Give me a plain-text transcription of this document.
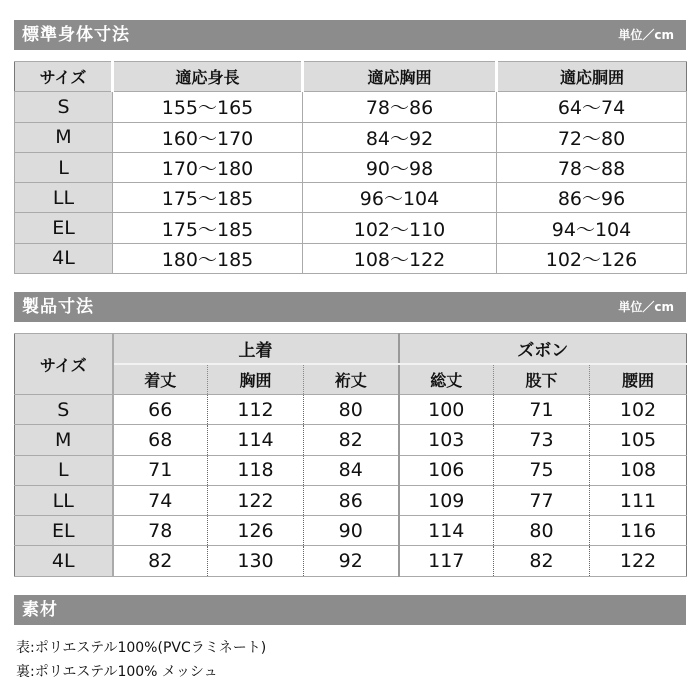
標準身体寸法	単位／cm
サイズ	適応身長	適応胸囲	適応胴囲
S	155～165	78～86	64～74
M	160～170	84～92	72～80
L	170～180	90～98	78～88
LL	175～185	96～104	86～96
EL	175～185	102～110	94～104
4L	180～185	108～122	102～126
製品寸法	単位／cm
サイズ	上着			ズボン		
	着丈	胸囲	裄丈	総丈	股下	腰囲
S	66	112	80	100	71	102
M	68	114	82	103	73	105
L	71	118	84	106	75	108
LL	74	122	86	109	77	111
EL	78	126	90	114	80	116
4L	82	130	92	117	82	122
素材
表:ポリエステル100%(PVCラミネート)
裏:ポリエステル100% メッシュ
